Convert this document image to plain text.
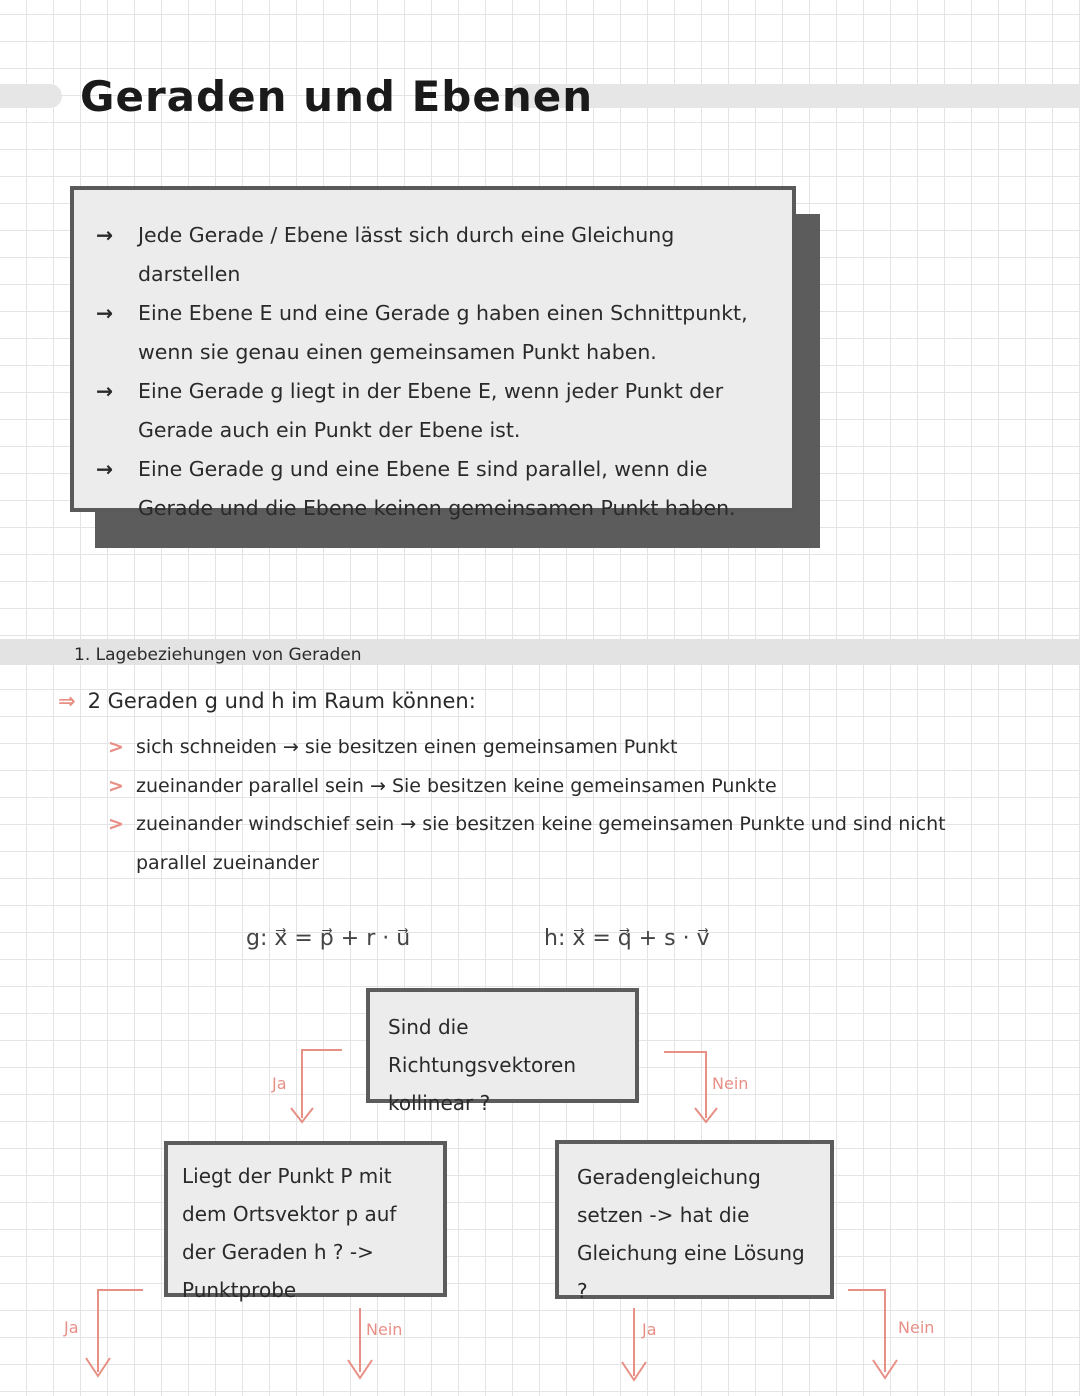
Geraden und Ebenen
→ Jede Gerade / Ebene lässt sich durch eine Gleichung darstellen
→ Eine Ebene E und eine Gerade g haben einen Schnittpunkt, wenn sie genau einen gemeinsamen Punkt haben.
→ Eine Gerade g liegt in der Ebene E, wenn jeder Punkt der Gerade auch ein Punkt der Ebene ist.
→ Eine Gerade g und eine Ebene E sind parallel, wenn die Gerade und die Ebene keinen gemeinsamen Punkt haben.
1. Lagebeziehungen von Geraden
⇒ 2 Geraden g und h im Raum können:
> sich schneiden → sie besitzen einen gemeinsamen Punkt
> zueinander parallel sein → Sie besitzen keine gemeinsamen Punkte
> zueinander windschief sein → sie besitzen keine gemeinsamen Punkte und sind nicht parallel zueinander
g: x⃗ = p⃗ + r · u⃗	h: x⃗ = q⃗ + s · v⃗
Ja	Nein
Ja	Nein	Ja	Nein
Sind die Richtungsvektoren kollinear ?
Liegt der Punkt P mit dem Ortsvektor p auf der Geraden h ? -> Punktprobe
Geradengleichung setzen -> hat die Gleichung eine Lösung ?
